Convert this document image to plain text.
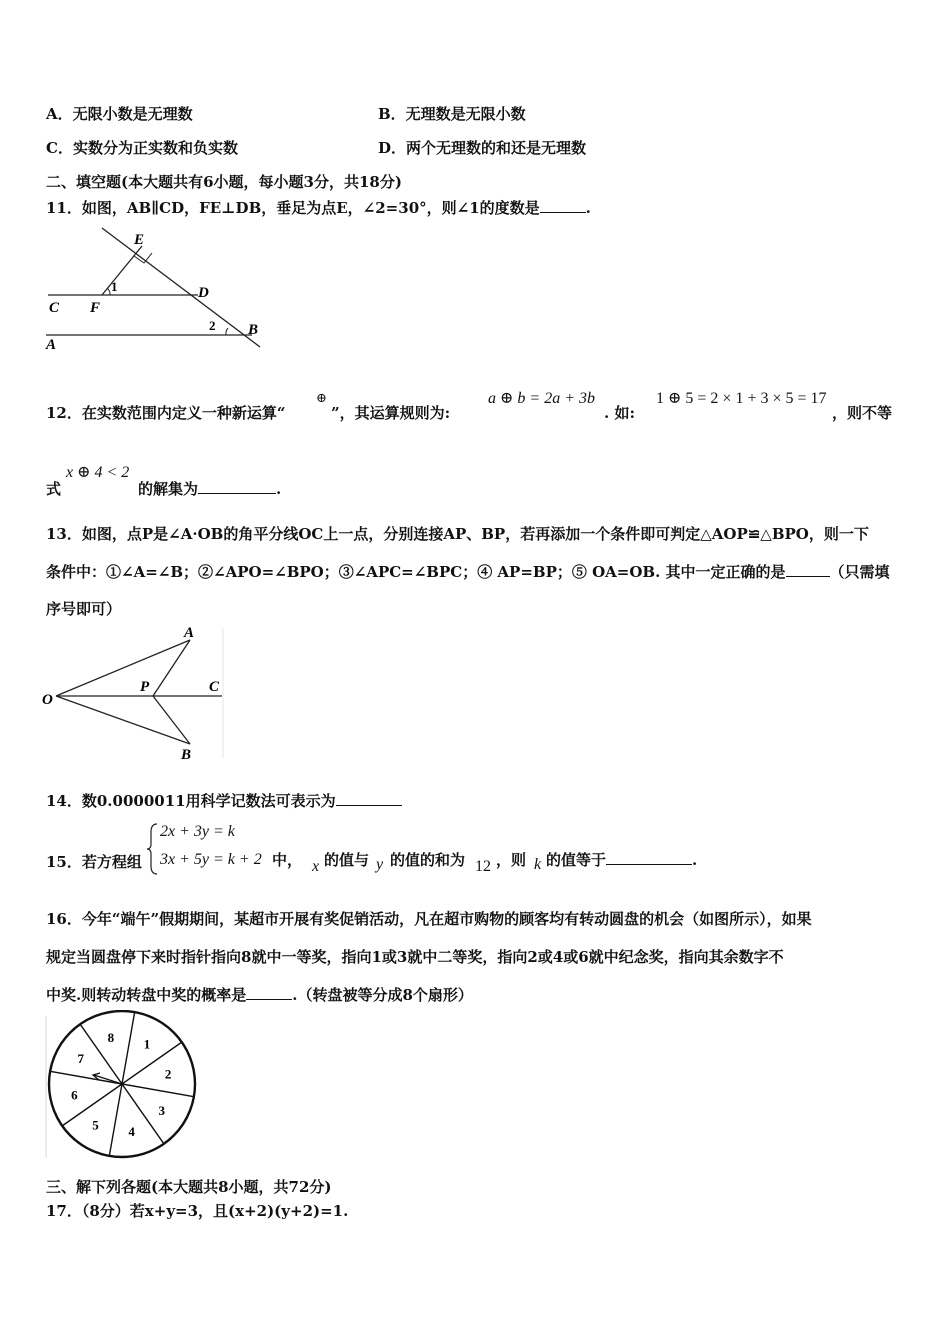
A．无限小数是无理数	B．无理数是无限小数
C．实数分为正实数和负实数	D．两个无理数的和还是无理数
二、填空题(本大题共有6小题，每小题3分，共18分)
11．如图，AB∥CD，FE⊥DB，垂足为点E，∠2=30°，则∠1的度数是	.
E
1
C F
D
2 B
A
12．在实数范围内定义一种新运算“
⊕
”，其运算规则为:
a ⊕ b = 2a + 3b
. 如:
1 ⊕ 5 = 2 × 1 + 3 × 5 = 17
，则不等
式
x ⊕ 4 < 2
的解集为	.
13．如图，点P是∠A·OB的角平分线OC上一点，分别连接AP、BP，若再添加一个条件即可判定△AOP≌△BPO，则一下
条件中：①∠A=∠B；②∠APO=∠BPO；③∠APC=∠BPC；④ AP=BP；⑤ OA=OB. 其中一定正确的是	（只需填
序号即可）
A
O
P	C
B
14．数0.0000011用科学记数法可表示为
15．若方程组
2x + 3y = k
3x + 5y = k + 2 中， x 的值与 y 的值的和为 12 ，则 k 的值等于	.
16．今年“端午”假期期间，某超市开展有奖促销活动，凡在超市购物的顾客均有转动圆盘的机会（如图所示），如果
规定当圆盘停下来时指针指向8就中一等奖，指向1或3就中二等奖，指向2或4或6就中纪念奖，指向其余数字不
中奖.则转动转盘中奖的概率是	.（转盘被等分成8个扇形）
1
2
3
4
5
6
7
8
三、解下列各题(本大题共8小题，共72分)
17．（8分）若x+y=3，且(x+2)(y+2)=1.
